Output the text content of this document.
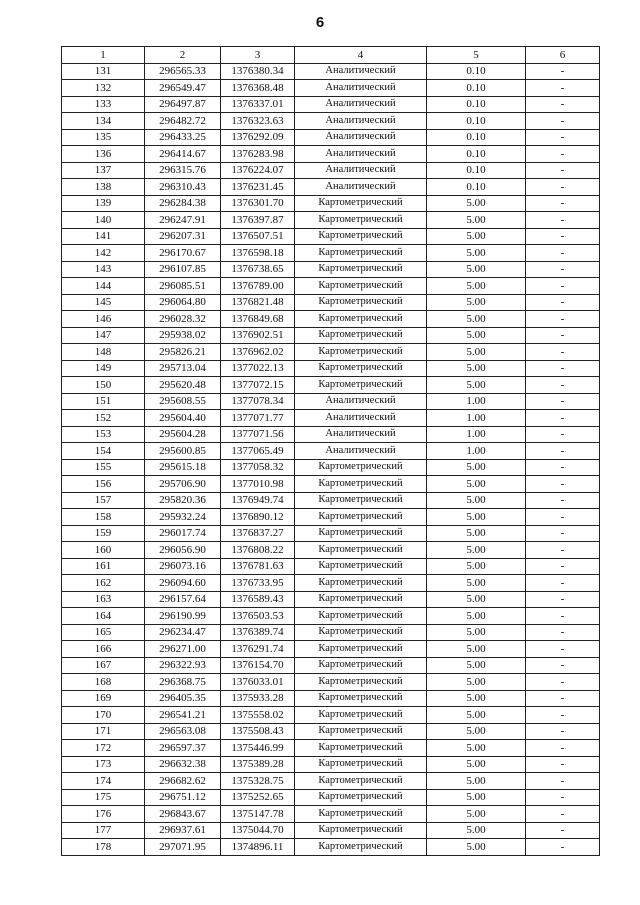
6
1	2	3	4	5	6
131	296565.33	1376380.34	Аналитический	0.10	-
132	296549.47	1376368.48	Аналитический	0.10	-
133	296497.87	1376337.01	Аналитический	0.10	-
134	296482.72	1376323.63	Аналитический	0.10	-
135	296433.25	1376292.09	Аналитический	0.10	-
136	296414.67	1376283.98	Аналитический	0.10	-
137	296315.76	1376224.07	Аналитический	0.10	-
138	296310.43	1376231.45	Аналитический	0.10	-
139	296284.38	1376301.70	Картометрический	5.00	-
140	296247.91	1376397.87	Картометрический	5.00	-
141	296207.31	1376507.51	Картометрический	5.00	-
142	296170.67	1376598.18	Картометрический	5.00	-
143	296107.85	1376738.65	Картометрический	5.00	-
144	296085.51	1376789.00	Картометрический	5.00	-
145	296064.80	1376821.48	Картометрический	5.00	-
146	296028.32	1376849.68	Картометрический	5.00	-
147	295938.02	1376902.51	Картометрический	5.00	-
148	295826.21	1376962.02	Картометрический	5.00	-
149	295713.04	1377022.13	Картометрический	5.00	-
150	295620.48	1377072.15	Картометрический	5.00	-
151	295608.55	1377078.34	Аналитический	1.00	-
152	295604.40	1377071.77	Аналитический	1.00	-
153	295604.28	1377071.56	Аналитический	1.00	-
154	295600.85	1377065.49	Аналитический	1.00	-
155	295615.18	1377058.32	Картометрический	5.00	-
156	295706.90	1377010.98	Картометрический	5.00	-
157	295820.36	1376949.74	Картометрический	5.00	-
158	295932.24	1376890.12	Картометрический	5.00	-
159	296017.74	1376837.27	Картометрический	5.00	-
160	296056.90	1376808.22	Картометрический	5.00	-
161	296073.16	1376781.63	Картометрический	5.00	-
162	296094.60	1376733.95	Картометрический	5.00	-
163	296157.64	1376589.43	Картометрический	5.00	-
164	296190.99	1376503.53	Картометрический	5.00	-
165	296234.47	1376389.74	Картометрический	5.00	-
166	296271.00	1376291.74	Картометрический	5.00	-
167	296322.93	1376154.70	Картометрический	5.00	-
168	296368.75	1376033.01	Картометрический	5.00	-
169	296405.35	1375933.28	Картометрический	5.00	-
170	296541.21	1375558.02	Картометрический	5.00	-
171	296563.08	1375508.43	Картометрический	5.00	-
172	296597.37	1375446.99	Картометрический	5.00	-
173	296632.38	1375389.28	Картометрический	5.00	-
174	296682.62	1375328.75	Картометрический	5.00	-
175	296751.12	1375252.65	Картометрический	5.00	-
176	296843.67	1375147.78	Картометрический	5.00	-
177	296937.61	1375044.70	Картометрический	5.00	-
178	297071.95	1374896.11	Картометрический	5.00	-
